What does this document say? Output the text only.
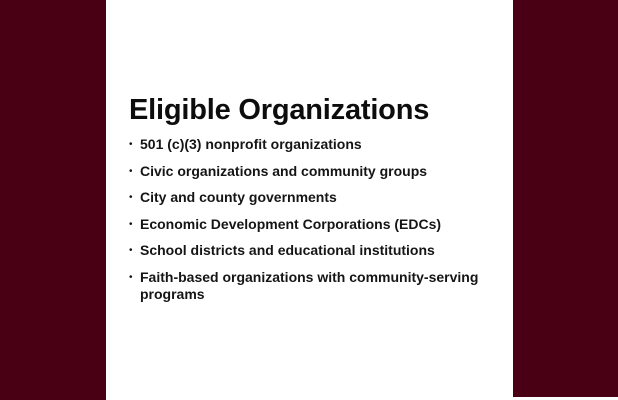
Eligible Organizations
• 501 (c)(3) nonprofit organizations
• Civic organizations and community groups
• City and county governments
• Economic Development Corporations (EDCs)
• School districts and educational institutions
• Faith-based organizations with community-serving programs
